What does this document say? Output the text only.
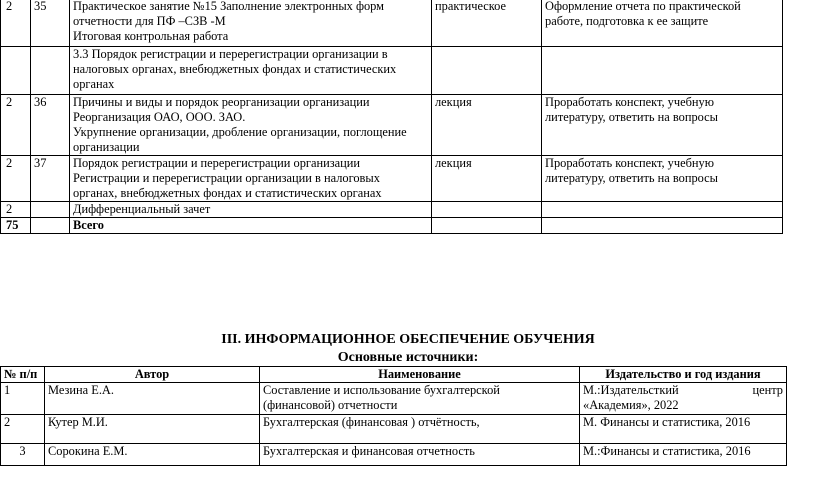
2	35	Практическое занятие №15 Заполнение электронных форм
отчетности для ПФ –СЗВ -М
Итоговая контрольная работа	практическое	Оформление отчета по практической
работе, подготовка к ее защите

		3.3 Порядок регистрации и перерегистрации организации в
налоговых органах, внебюджетных фондах и статистических
органах		

2	36	Причины и виды и порядок реорганизации организации
Реорганизация ОАО, ООО. ЗАО.
Укрупнение организации, дробление организации, поглощение
организации	лекция	Проработать конспект, учебную
литературу, ответить на вопросы

2	37	Порядок регистрации и перерегистрации организации
Регистрации и перерегистрации организации в налоговых
органах, внебюджетных фондах и статистических органах	лекция	Проработать конспект, учебную
литературу, ответить на вопросы

2		Дифференциальный зачет		

75		Всего		

III. ИНФОРМАЦИОННОЕ ОБЕСПЕЧЕНИЕ ОБУЧЕНИЯ
Основные источники:
№ п/п	Автор	Наименование	Издательство и год издания
1	Мезина Е.А.	Составление и использование бухгалтерской
(финансовой) отчетности	М.:Издательсткий центр
«Академия», 2022

2	Кутер М.И.	Бухгалтерская (финансовая ) отчётность,	М. Финансы и статистика, 2016

3	Сорокина Е.М.	Бухгалтерская и финансовая отчетность	М.:Финансы и статистика, 2016
